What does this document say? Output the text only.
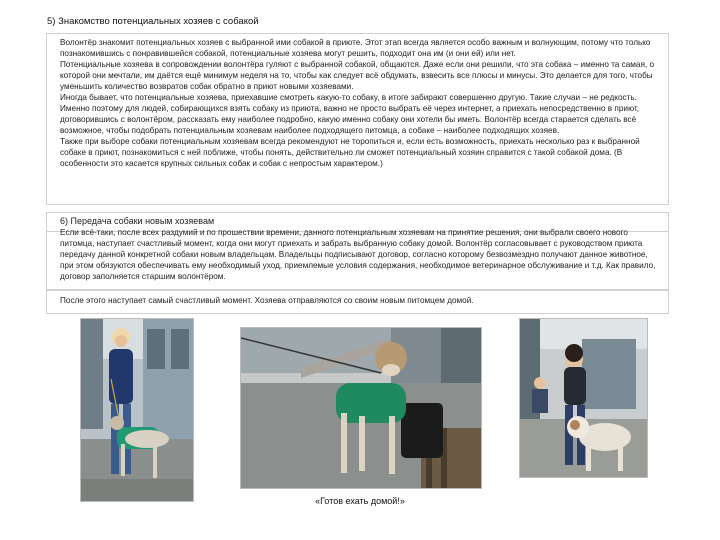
5) Знакомство потенциальных хозяев с собакой

Волонтёр знакомит потенциальных хозяев с выбранной ими собакой в приюте. Этот этап всегда является особо важным и волнующим, потому что только познакомившись с понравившейся собакой, потенциальные хозяева могут решить, подходит она им (и они ей) или нет.

Потенциальные хозяева в сопровождении волонтёра гуляют с выбранной собакой, общаются. Даже если они решили, что эта собака – именно та самая, о которой они мечтали, им даётся ещё минимум неделя на то, чтобы как следует всё обдумать, взвесить все плюсы и минусы. Это делается для того, чтобы уменьшить количество возвратов собак обратно в приют новыми хозяевами.

Иногда бывает, что потенциальные хозяева, приехавшие смотреть какую-то собаку, в итоге забирают совершенно другую. Такие случаи – не редкость. Именно поэтому для людей, собирающихся взять собаку из приюта, важно не просто выбрать её через интернет, а приехать непосредственно в приют, договорившись с волонтёром, рассказать ему наиболее подробно, какую именно собаку они хотели бы иметь. Волонтёр всегда старается сделать всё возможное, чтобы подобрать потенциальным хозяевам наиболее подходящего питомца, а собаке – наиболее подходящих хозяев.

Также при выборе собаки потенциальным хозяевам всегда рекомендуют не торопиться и, если есть возможность, приехать несколько раз к выбранной собаке в приют, познакомиться с ней поближе, чтобы понять, действительно ли сможет потенциальный хозяин справится с такой собакой дома. (В особенности это касается крупных сильных собак и собак с непростым характером.)

6) Передача собаки новым хозяевам

Если всё-таки, после всех раздумий и по прошествии времени, данного потенциальным хозяевам на принятие решения, они выбрали своего нового питомца, наступает счастливый момент, когда они могут приехать и забрать выбранную собаку домой. Волонтёр согласовывает с руководством приюта передачу данной конкретной собаки новым владельцам. Владельцы подписывают договор, согласно которому безвозмездно получают данное животное, при этом обязуются обеспечивать ему необходимый уход, приемлемые условия содержания, необходимое ветеринарное обслуживание и т.д. Как правило, договор заполняется старшим волонтёром.

После этого наступает самый счастливый момент. Хозяева отправляются со своим новым питомцем домой.

«Готов ехать домой!»
